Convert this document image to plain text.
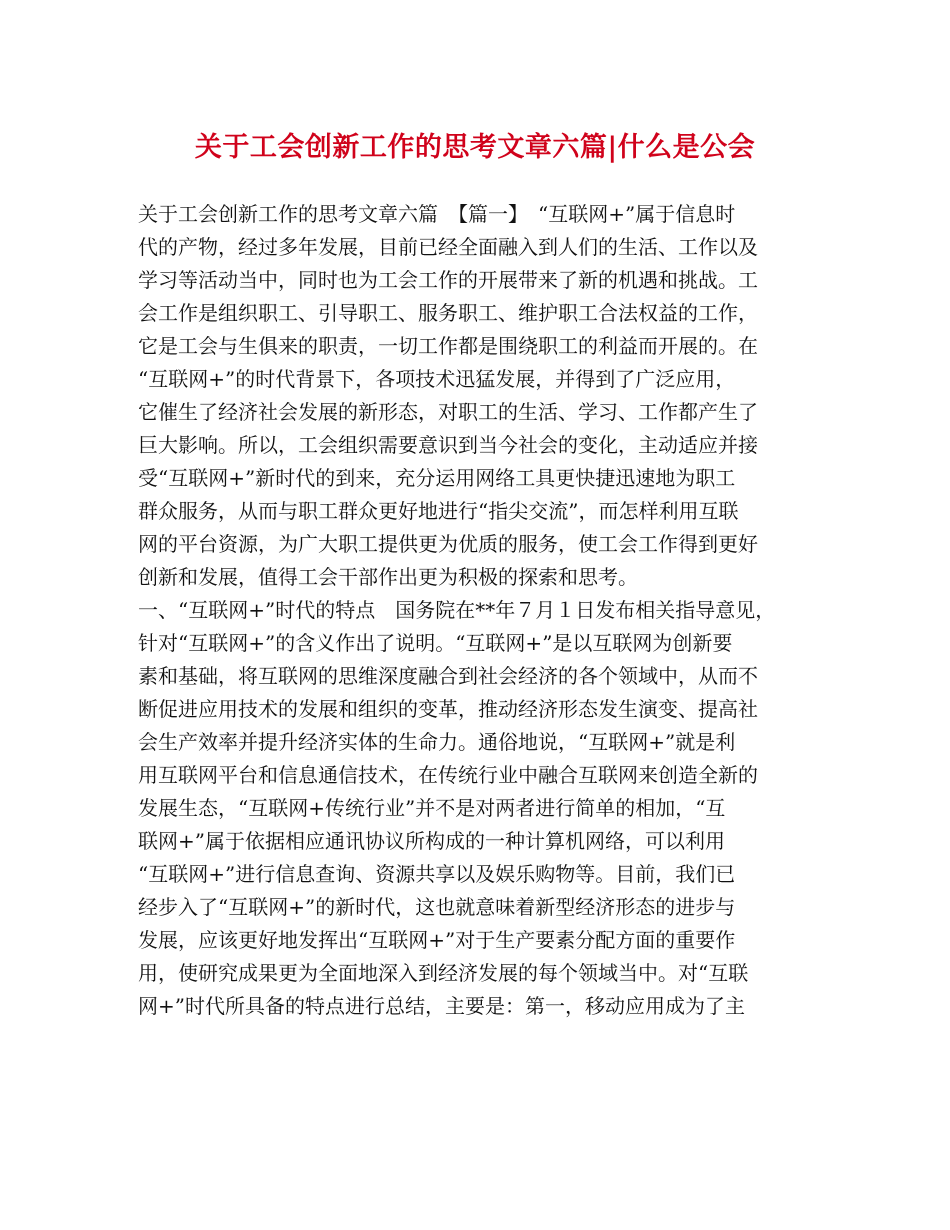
关于工会创新工作的思考文章六篇|什么是公会
关于工会创新工作的思考文章六篇　【篇一】　“互联网+”属于信息时
代的产物，经过多年发展，目前已经全面融入到人们的生活、工作以及
学习等活动当中，同时也为工会工作的开展带来了新的机遇和挑战。工
会工作是组织职工、引导职工、服务职工、维护职工合法权益的工作，
它是工会与生俱来的职责，一切工作都是围绕职工的利益而开展的。在
“互联网+”的时代背景下，各项技术迅猛发展，并得到了广泛应用，
它催生了经济社会发展的新形态，对职工的生活、学习、工作都产生了
巨大影响。所以，工会组织需要意识到当今社会的变化，主动适应并接
受“互联网+”新时代的到来，充分运用网络工具更快捷迅速地为职工
群众服务，从而与职工群众更好地进行“指尖交流”，而怎样利用互联
网的平台资源，为广大职工提供更为优质的服务，使工会工作得到更好
创新和发展，值得工会干部作出更为积极的探索和思考。
一、“互联网+”时代的特点　国务院在**年７月１日发布相关指导意见，
针对“互联网+”的含义作出了说明。“互联网+”是以互联网为创新要
素和基础，将互联网的思维深度融合到社会经济的各个领域中，从而不
断促进应用技术的发展和组织的变革，推动经济形态发生演变、提高社
会生产效率并提升经济实体的生命力。通俗地说，“互联网+”就是利
用互联网平台和信息通信技术，在传统行业中融合互联网来创造全新的
发展生态，“互联网+传统行业”并不是对两者进行简单的相加，“互
联网+”属于依据相应通讯协议所构成的一种计算机网络，可以利用
“互联网+”进行信息查询、资源共享以及娱乐购物等。目前，我们已
经步入了“互联网+”的新时代，这也就意味着新型经济形态的进步与
发展，应该更好地发挥出“互联网+”对于生产要素分配方面的重要作
用，使研究成果更为全面地深入到经济发展的每个领域当中。对“互联
网+”时代所具备的特点进行总结，主要是：第一，移动应用成为了主
